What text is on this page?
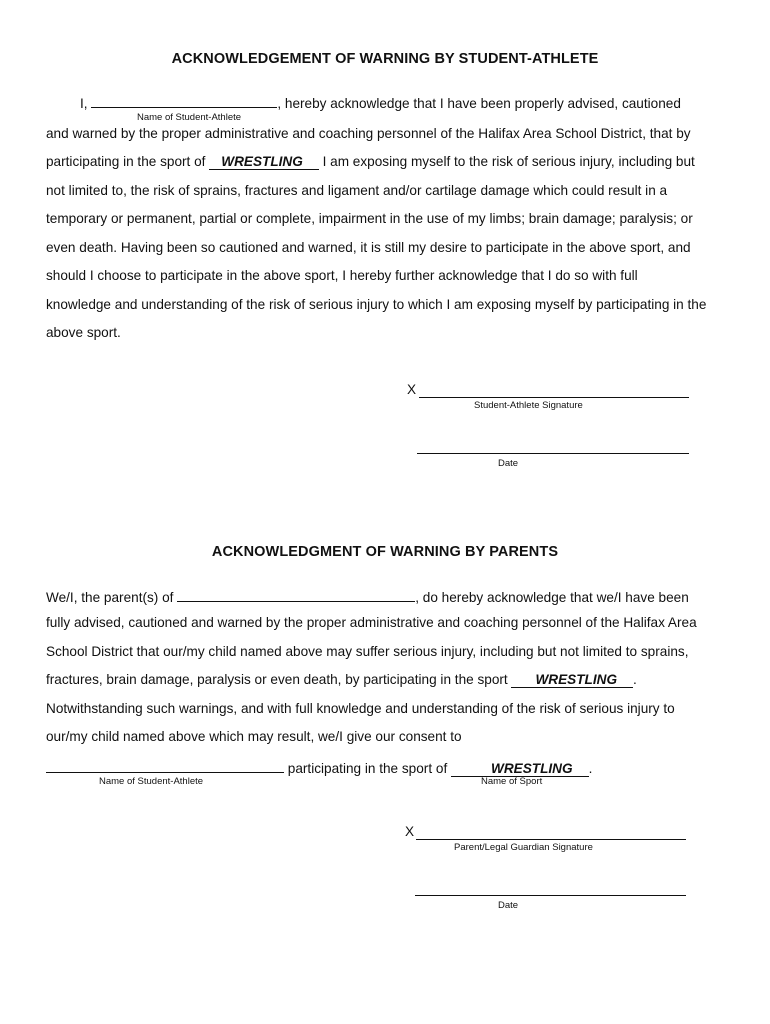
ACKNOWLEDGEMENT OF WARNING BY STUDENT-ATHLETE
I,	, hereby acknowledge that I have been properly advised, cautioned
Name of Student-Athlete
and warned by the proper administrative and coaching personnel of the Halifax Area School District, that by
participating in the sport of WRESTLING I am exposing myself to the risk of serious injury, including but
not limited to, the risk of sprains, fractures and ligament and/or cartilage damage which could result in a
temporary or permanent, partial or complete, impairment in the use of my limbs; brain damage; paralysis; or
even death. Having been so cautioned and warned, it is still my desire to participate in the above sport, and
should I choose to participate in the above sport, I hereby further acknowledge that I do so with full
knowledge and understanding of the risk of serious injury to which I am exposing myself by participating in the
above sport.
X
Student-Athlete Signature
Date
ACKNOWLEDGMENT OF WARNING BY PARENTS
We/I, the parent(s) of	, do hereby acknowledge that we/I have been
fully advised, cautioned and warned by the proper administrative and coaching personnel of the Halifax Area
School District that our/my child named above may suffer serious injury, including but not limited to sprains,
fractures, brain damage, paralysis or even death, by participating in the sport WRESTLING .
Notwithstanding such warnings, and with full knowledge and understanding of the risk of serious injury to
our/my child named above which may result, we/I give our consent to
participating in the sport of	WRESTLING .
Name of Student-Athlete	Name of Sport
X
Parent/Legal Guardian Signature
Date
